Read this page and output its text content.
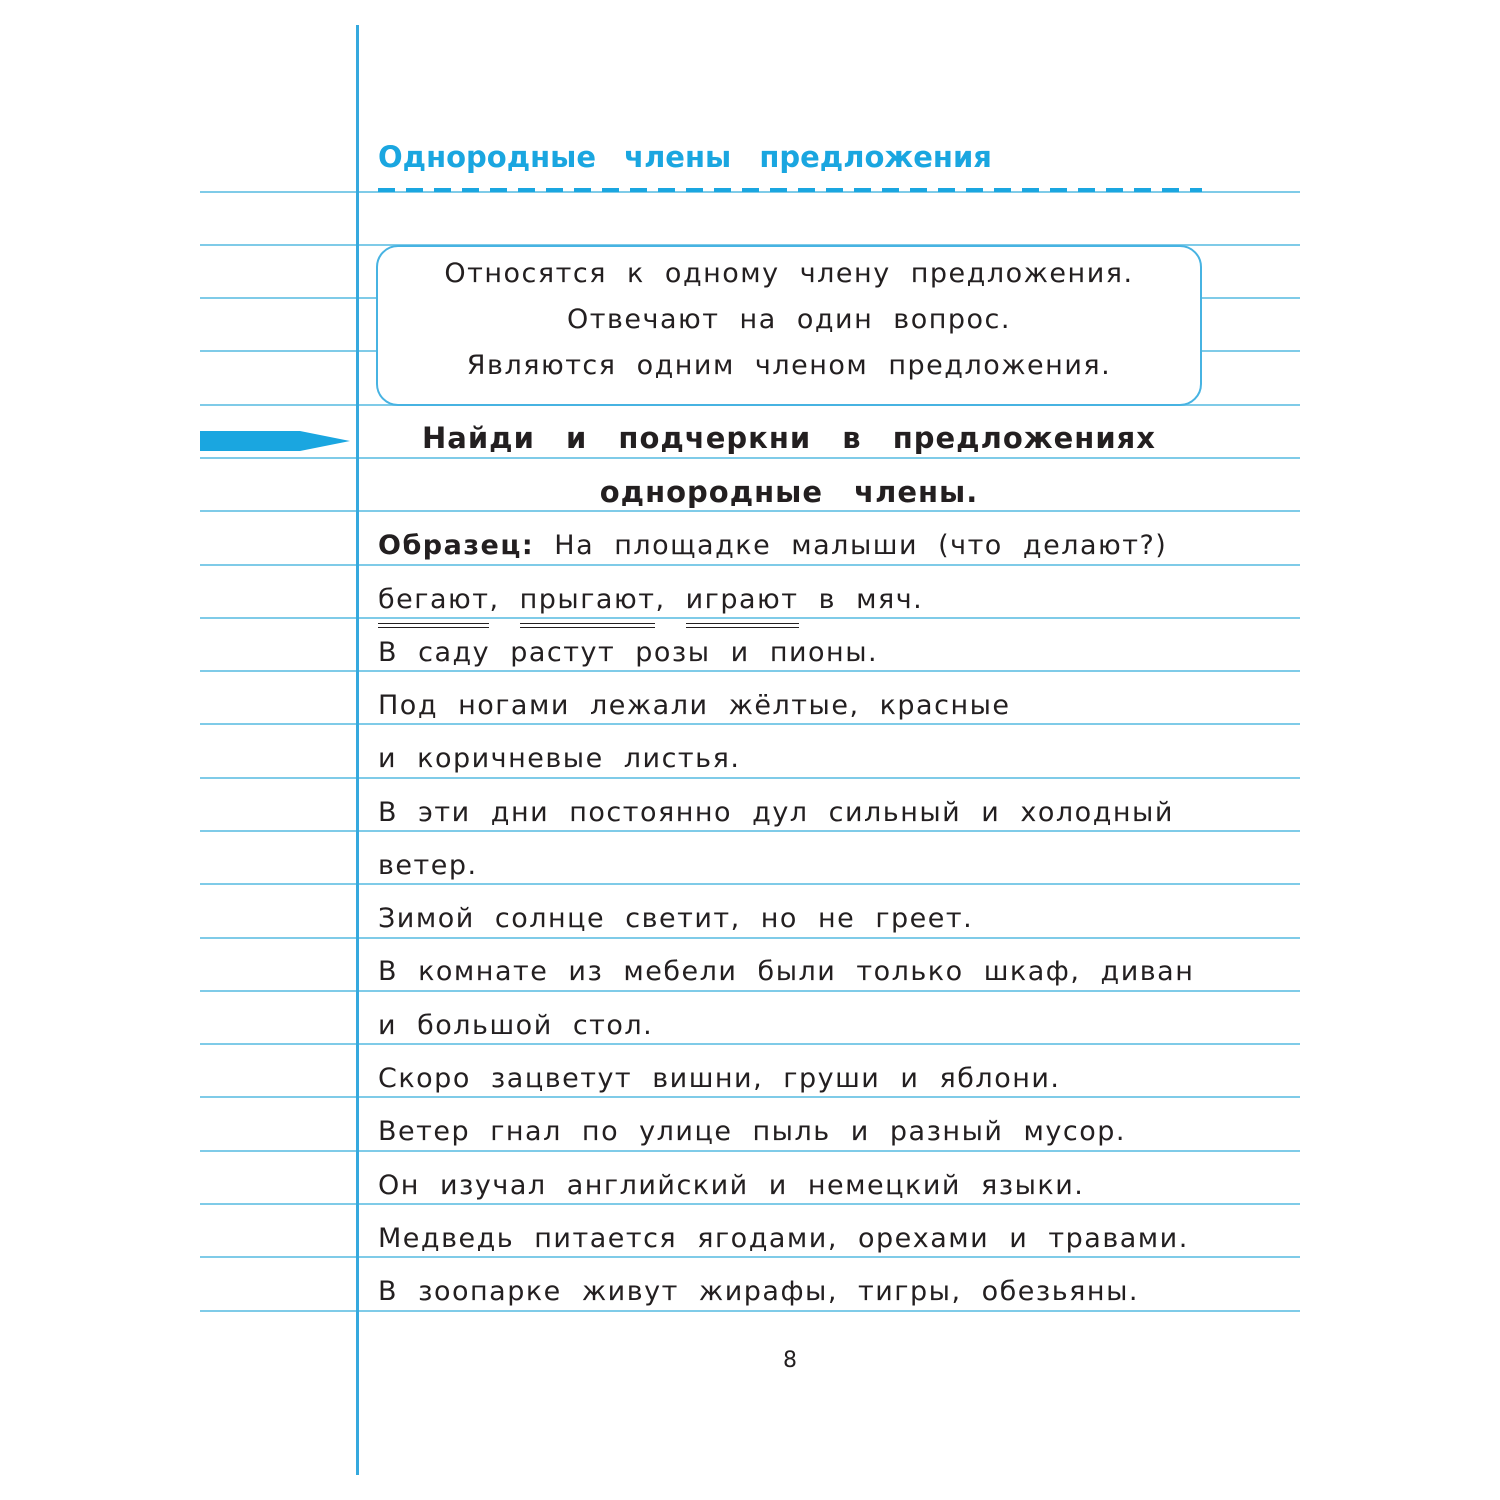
Однородные члены предложения
Относятся к одному члену предложения.
Отвечают на один вопрос.
Являются одним членом предложения.
Найди и подчеркни в предложениях
однородные члены.
Образец: На площадке малыши (что делают?)
бегают, прыгают, играют в мяч.
В саду растут розы и пионы.
Под ногами лежали жёлтые, красные
и коричневые листья.
В эти дни постоянно дул сильный и холодный
ветер.
Зимой солнце светит, но не греет.
В комнате из мебели были только шкаф, диван
и большой стол.
Скоро зацветут вишни, груши и яблони.
Ветер гнал по улице пыль и разный мусор.
Он изучал английский и немецкий языки.
Медведь питается ягодами, орехами и травами.
В зоопарке живут жирафы, тигры, обезьяны.
8
